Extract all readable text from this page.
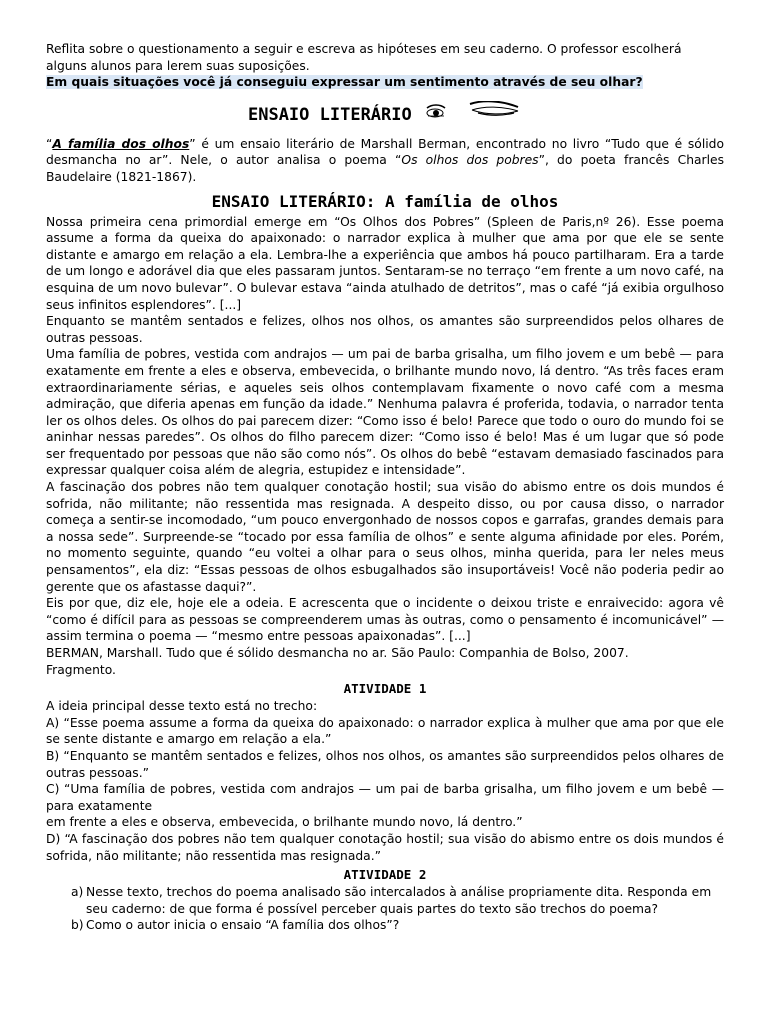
Reflita sobre o questionamento a seguir e escreva as hipóteses em seu caderno. O professor escolherá alguns alunos para lerem suas suposições.

Em quais situações você já conseguiu expressar um sentimento através de seu olhar?

ENSAIO LITERÁRIO

“A família dos olhos” é um ensaio literário de Marshall Berman, encontrado no livro “Tudo que é sólido desmancha no ar”. Nele, o autor analisa o poema “Os olhos dos pobres”, do poeta francês Charles Baudelaire (1821-1867).

ENSAIO LITERÁRIO: A família de olhos

Nossa primeira cena primordial emerge em “Os Olhos dos Pobres” (Spleen de Paris,nº 26). Esse poema assume a forma da queixa do apaixonado: o narrador explica à mulher que ama por que ele se sente distante e amargo em relação a ela. Lembra-lhe a experiência que ambos há pouco partilharam. Era a tarde de um longo e adorável dia que eles passaram juntos. Sentaram-se no terraço “em frente a um novo café, na esquina de um novo bulevar”. O bulevar estava “ainda atulhado de detritos”, mas o café “já exibia orgulhoso seus infinitos esplendores”. [...]

Enquanto se mantêm sentados e felizes, olhos nos olhos, os amantes são surpreendidos pelos olhares de outras pessoas.

Uma família de pobres, vestida com andrajos — um pai de barba grisalha, um filho jovem e um bebê — para exatamente em frente a eles e observa, embevecida, o brilhante mundo novo, lá dentro. “As três faces eram extraordinariamente sérias, e aqueles seis olhos contemplavam fixamente o novo café com a mesma admiração, que diferia apenas em função da idade.” Nenhuma palavra é proferida, todavia, o narrador tenta ler os olhos deles. Os olhos do pai parecem dizer: “Como isso é belo! Parece que todo o ouro do mundo foi se aninhar nessas paredes”. Os olhos do filho parecem dizer: “Como isso é belo! Mas é um lugar que só pode ser frequentado por pessoas que não são como nós”. Os olhos do bebê “estavam demasiado fascinados para expressar qualquer coisa além de alegria, estupidez e intensidade”.

A fascinação dos pobres não tem qualquer conotação hostil; sua visão do abismo entre os dois mundos é sofrida, não militante; não ressentida mas resignada. A despeito disso, ou por causa disso, o narrador começa a sentir-se incomodado, “um pouco envergonhado de nossos copos e garrafas, grandes demais para a nossa sede”. Surpreende-se “tocado por essa família de olhos” e sente alguma afinidade por eles. Porém, no momento seguinte, quando “eu voltei a olhar para o seus olhos, minha querida, para ler neles meus pensamentos”, ela diz: “Essas pessoas de olhos esbugalhados são insuportáveis! Você não poderia pedir ao gerente que os afastasse daqui?”.

Eis por que, diz ele, hoje ele a odeia. E acrescenta que o incidente o deixou triste e enraivecido: agora vê “como é difícil para as pessoas se compreenderem umas às outras, como o pensamento é incomunicável” — assim termina o poema — “mesmo entre pessoas apaixonadas”. [...]

BERMAN, Marshall. Tudo que é sólido desmancha no ar. São Paulo: Companhia de Bolso, 2007.

Fragmento.

ATIVIDADE 1

A ideia principal desse texto está no trecho:

A) “Esse poema assume a forma da queixa do apaixonado: o narrador explica à mulher que ama por que ele se sente distante e amargo em relação a ela.”

B) “Enquanto se mantêm sentados e felizes, olhos nos olhos, os amantes são surpreendidos pelos olhares de outras pessoas.”

C) “Uma família de pobres, vestida com andrajos — um pai de barba grisalha, um filho jovem e um bebê — para exatamente

em frente a eles e observa, embevecida, o brilhante mundo novo, lá dentro.”

D) “A fascinação dos pobres não tem qualquer conotação hostil; sua visão do abismo entre os dois mundos é sofrida, não militante; não ressentida mas resignada.”

ATIVIDADE 2
a) Nesse texto, trechos do poema analisado são intercalados à análise propriamente dita. Responda em seu caderno: de que forma é possível perceber quais partes do texto são trechos do poema?
b) Como o autor inicia o ensaio “A família dos olhos”?
